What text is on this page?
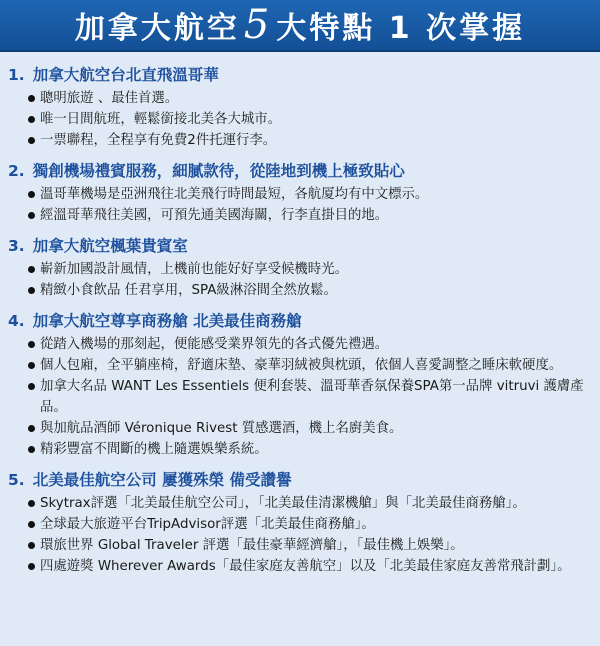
加拿大航空 5 大特點 1 次掌握
1. 加拿大航空台北直飛溫哥華
聰明旅遊 、最佳首選。
唯一日間航班，輕鬆銜接北美各大城市。
一票聯程，全程享有免費2件托運行李。
2. 獨創機場禮賓服務，細膩款待，從陸地到機上極致貼心
溫哥華機場是亞洲飛往北美飛行時間最短，各航厦均有中文標示。
經溫哥華飛往美國，可預先通美國海關，行李直掛目的地。
3. 加拿大航空楓葉貴賓室
嶄新加國設計風情，上機前也能好好享受候機時光。
精緻小食飲品 任君享用，SPA級淋浴間全然放鬆。
4. 加拿大航空尊享商務艙 北美最佳商務艙
從踏入機場的那刻起，便能感受業界領先的各式優先禮遇。
個人包廂，全平躺座椅，舒適床墊、豪華羽絨被與枕頭，依個人喜愛調整之睡床軟硬度。
加拿大名品 WANT Les Essentiels 便利套裝、溫哥華香氛保養SPA第一品牌 vitruvi 護膚產品。
與加航品酒師 Véronique Rivest 質感選酒，機上名廚美食。
精彩豐富不間斷的機上隨選娛樂系統。
5. 北美最佳航空公司 屢獲殊榮 備受讚譽
Skytrax評選「北美最佳航空公司」，「北美最佳清潔機艙」與「北美最佳商務艙」。
全球最大旅遊平台TripAdvisor評選「北美最佳商務艙」。
環旅世界 Global Traveler 評選「最佳豪華經濟艙」，「最佳機上娛樂」。
四處遊獎 Wherever Awards「最佳家庭友善航空」以及「北美最佳家庭友善常飛計劃」。
